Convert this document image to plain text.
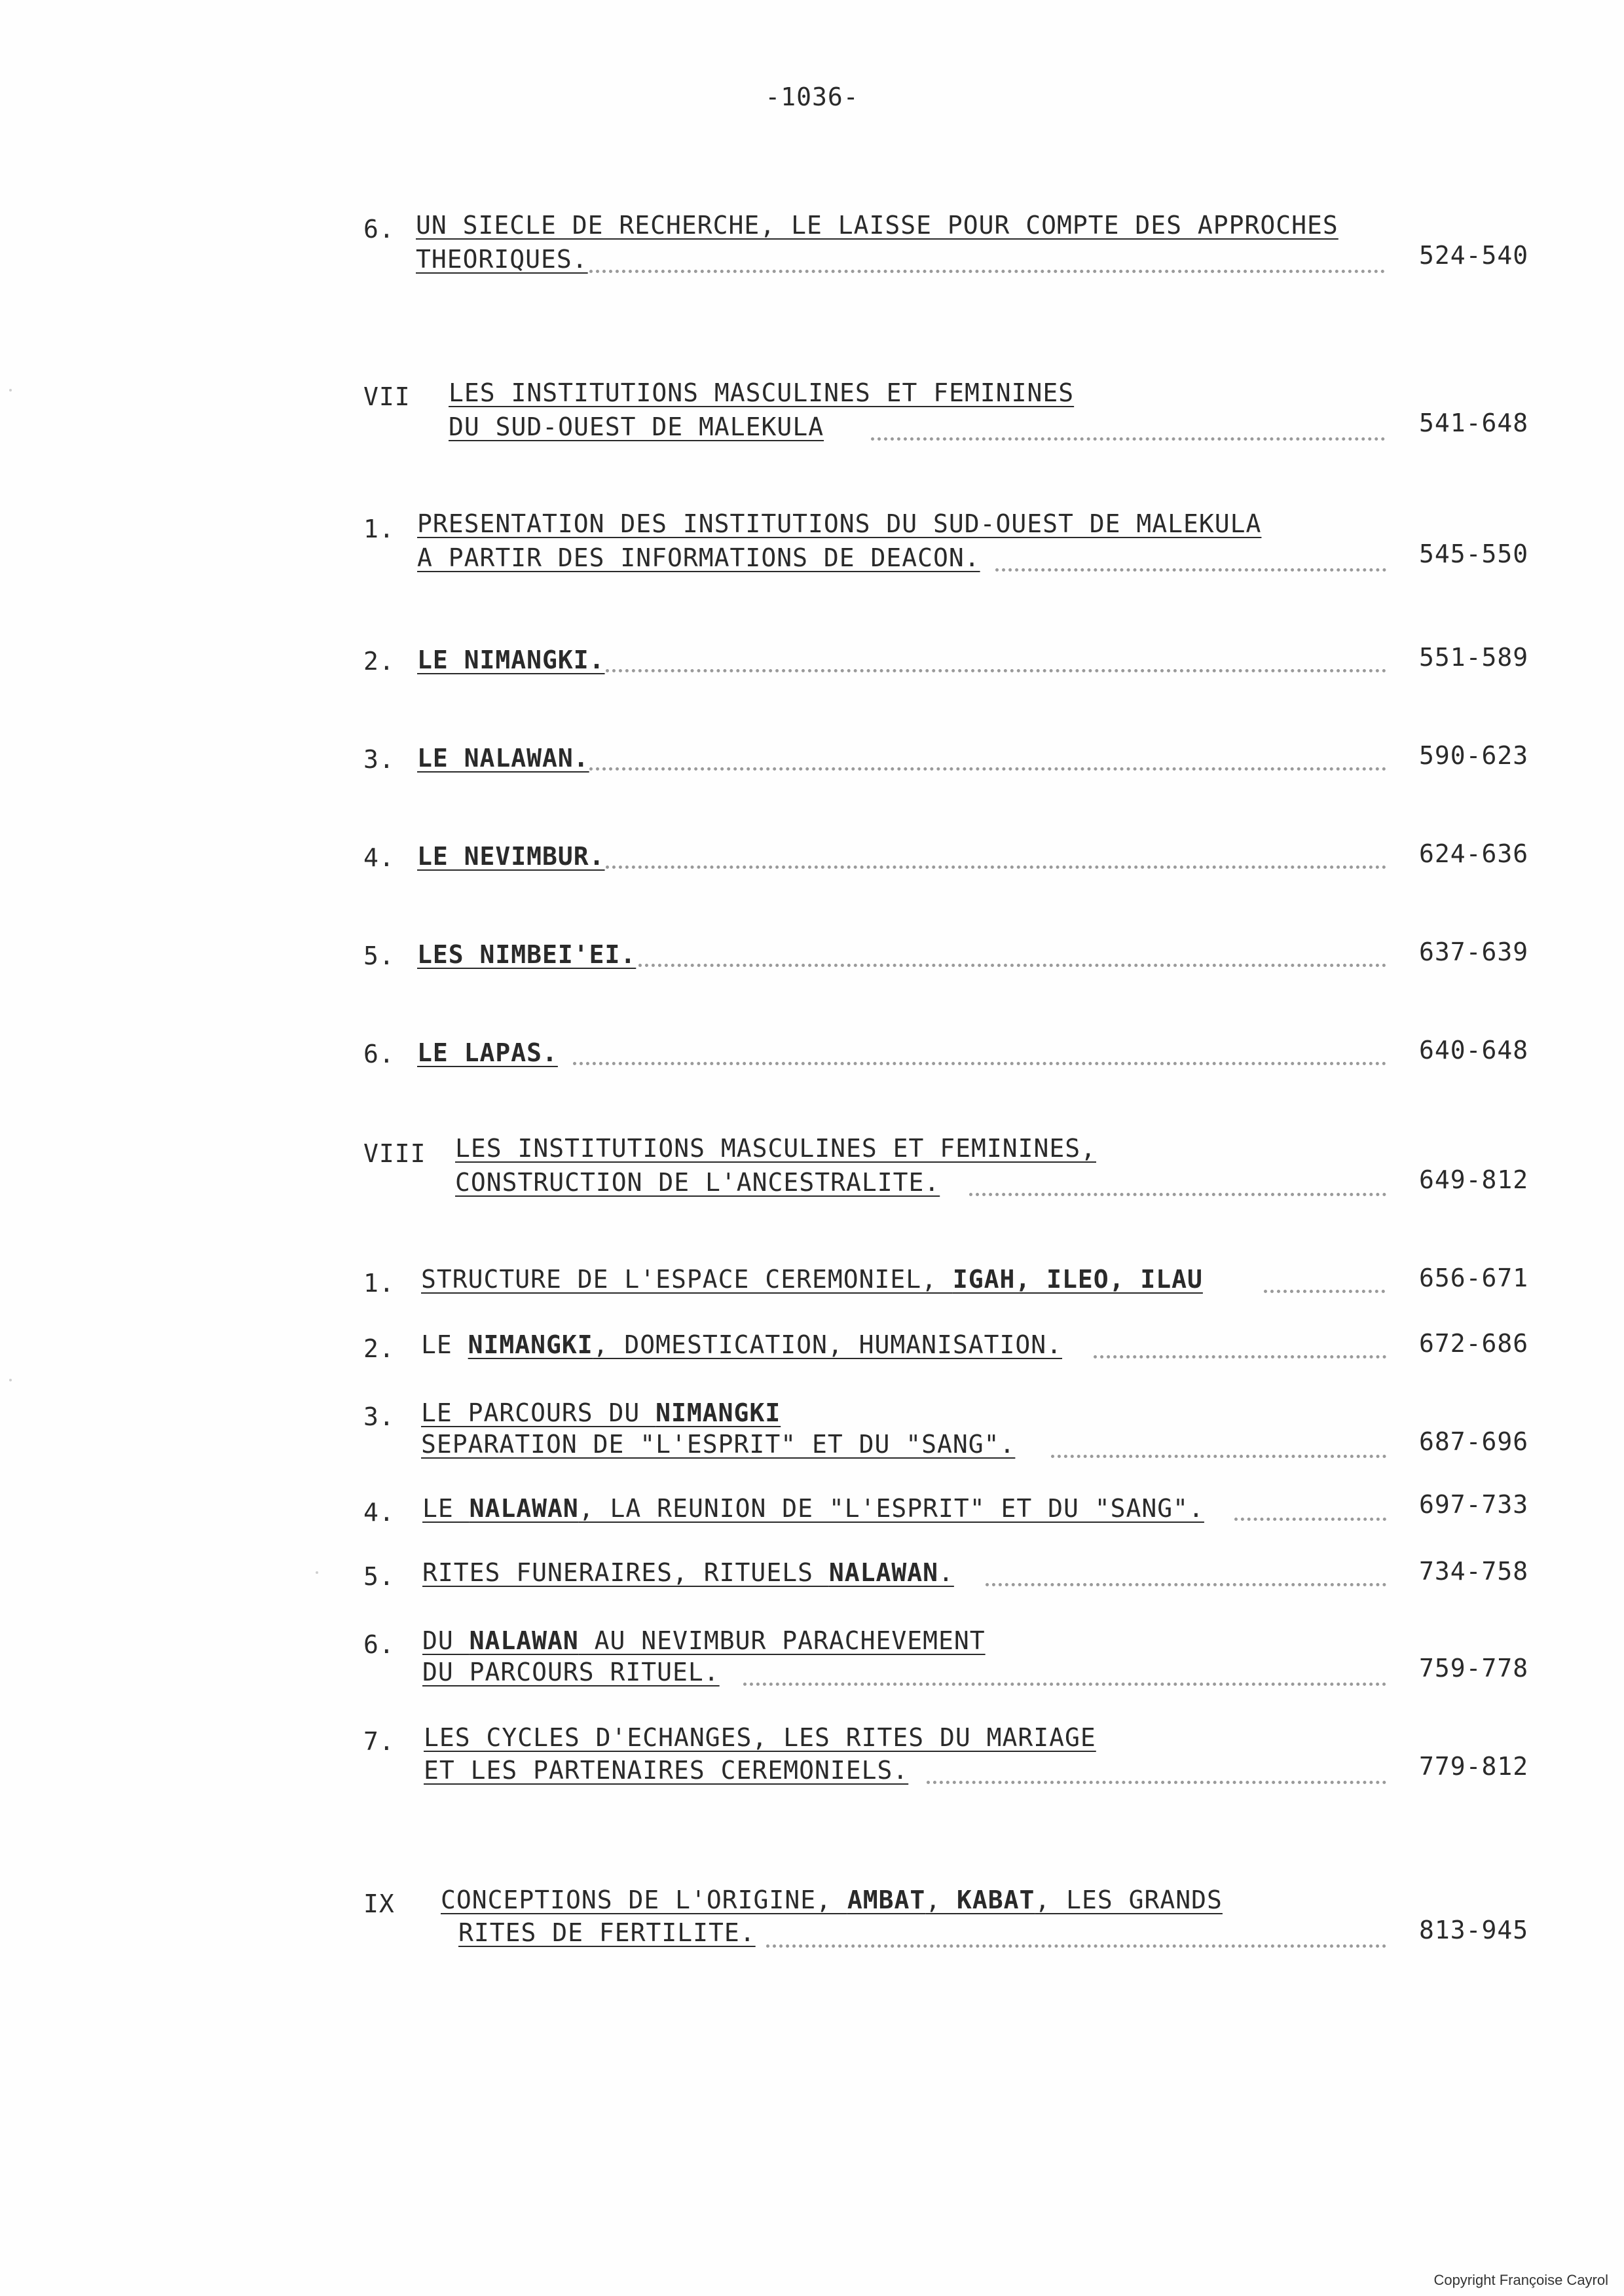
-1036-
6. UN SIECLE DE RECHERCHE, LE LAISSE POUR COMPTE DES APPROCHES
THEORIQUES.	524-540
VII LES INSTITUTIONS MASCULINES ET FEMININES
DU SUD-OUEST DE MALEKULA	541-648
1. PRESENTATION DES INSTITUTIONS DU SUD-OUEST DE MALEKULA
A PARTIR DES INFORMATIONS DE DEACON.	545-550
2. LE NIMANGKI.	551-589
3. LE NALAWAN.	590-623
4. LE NEVIMBUR.	624-636
5. LES NIMBEI'EI.	637-639
6. LE LAPAS.	640-648
VIII LES INSTITUTIONS MASCULINES ET FEMININES,
CONSTRUCTION DE L'ANCESTRALITE.	649-812
1. STRUCTURE DE L'ESPACE CEREMONIEL, IGAH, ILEO, ILAU	656-671
2. LE NIMANGKI, DOMESTICATION, HUMANISATION.	672-686
3. LE PARCOURS DU NIMANGKI
SEPARATION DE "L'ESPRIT" ET DU "SANG".	687-696
4. LE NALAWAN, LA REUNION DE "L'ESPRIT" ET DU "SANG".	697-733
5. RITES FUNERAIRES, RITUELS NALAWAN.	734-758
6. DU NALAWAN AU NEVIMBUR PARACHEVEMENT
DU PARCOURS RITUEL.	759-778
7. LES CYCLES D'ECHANGES, LES RITES DU MARIAGE
ET LES PARTENAIRES CEREMONIELS.	779-812
IX CONCEPTIONS DE L'ORIGINE, AMBAT, KABAT, LES GRANDS
RITES DE FERTILITE.	813-945
Copyright Françoise Cayrol
